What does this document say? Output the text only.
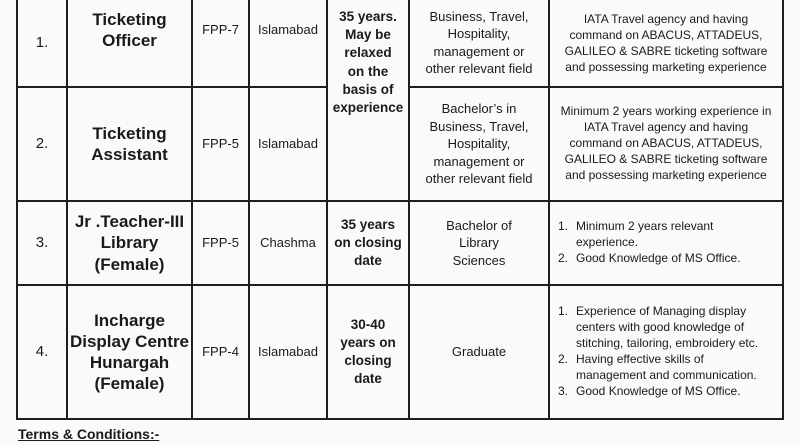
1.
Ticketing
Officer
FPP-7 Islamabad
35 years.
May be
relaxed
on the
basis of
experience
Business, Travel,
Hospitality,
management or
other relevant field
IATA Travel agency and having
command on ABACUS, ATTADEUS,
GALILEO & SABRE ticketing software
and possessing marketing experience
2.
Ticketing
Assistant
FPP-5 Islamabad
Bachelor’s in
Business, Travel,
Hospitality,
management or
other relevant field
Minimum 2 years working experience in
IATA Travel agency and having
command on ABACUS, ATTADEUS,
GALILEO & SABRE ticketing software
and possessing marketing experience
3.
Jr .Teacher-III
Library
(Female)
FPP-5 Chashma
35 years
on closing
date
Bachelor of
Library
Sciences
1. Minimum 2 years relevant
experience.
2. Good Knowledge of MS Office.
4.
Incharge
Display Centre
Hunargah
(Female)
FPP-4 Islamabad
30-40
years on
closing
date
Graduate
1. Experience of Managing display
centers with good knowledge of
stitching, tailoring, embroidery etc.
2. Having effective skills of
management and communication.
3. Good Knowledge of MS Office.
Terms & Conditions:-
